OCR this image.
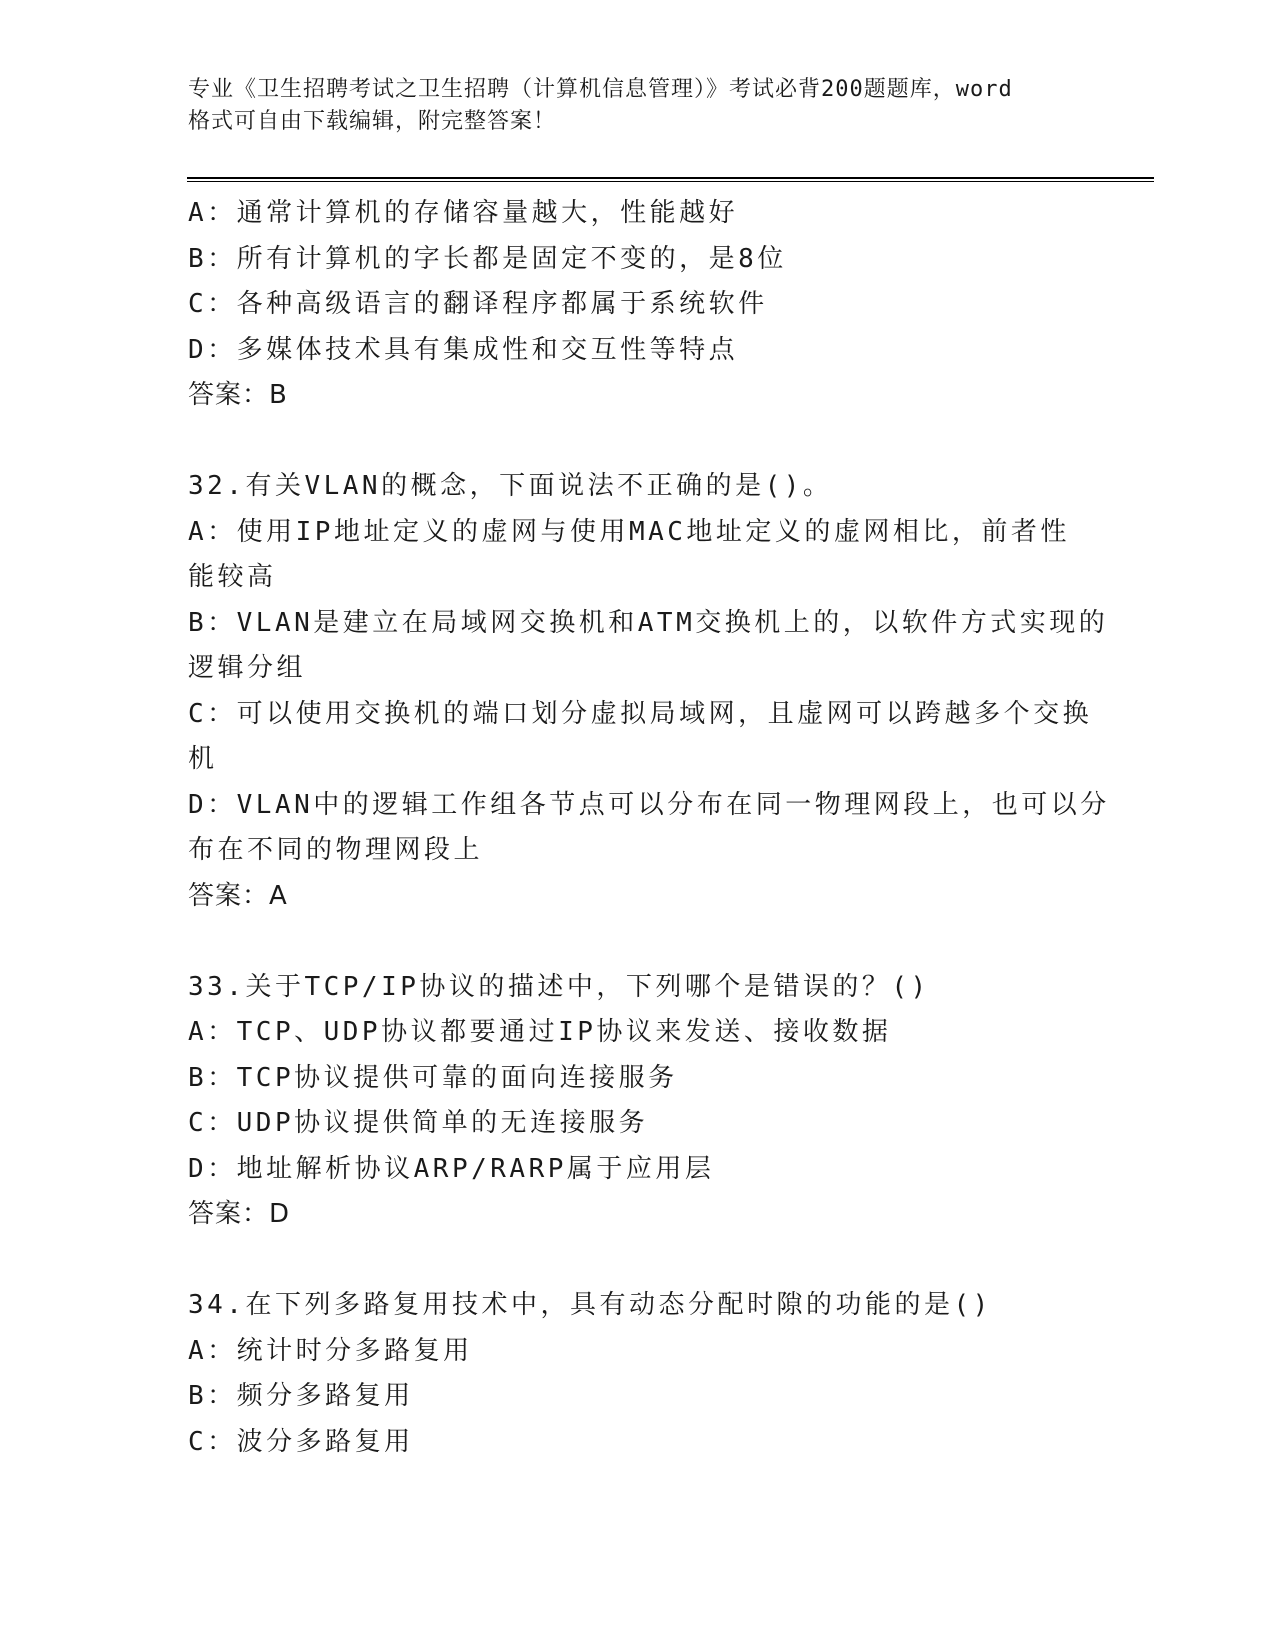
专业《卫生招聘考试之卫生招聘（计算机信息管理）》考试必背200题题库，word
格式可自由下载编辑，附完整答案！
A：通常计算机的存储容量越大，性能越好
B：所有计算机的字长都是固定不变的，是8位
C：各种高级语言的翻译程序都属于系统软件
D：多媒体技术具有集成性和交互性等特点
答案：B
32.有关VLAN的概念，下面说法不正确的是()。
A：使用IP地址定义的虚网与使用MAC地址定义的虚网相比，前者性
能较高
B：VLAN是建立在局域网交换机和ATM交换机上的，以软件方式实现的
逻辑分组
C：可以使用交换机的端口划分虚拟局域网，且虚网可以跨越多个交换
机
D：VLAN中的逻辑工作组各节点可以分布在同一物理网段上，也可以分
布在不同的物理网段上
答案：A
33.关于TCP/IP协议的描述中，下列哪个是错误的？()
A：TCP、UDP协议都要通过IP协议来发送、接收数据
B：TCP协议提供可靠的面向连接服务
C：UDP协议提供简单的无连接服务
D：地址解析协议ARP/RARP属于应用层
答案：D
34.在下列多路复用技术中，具有动态分配时隙的功能的是()
A：统计时分多路复用
B：频分多路复用
C：波分多路复用
